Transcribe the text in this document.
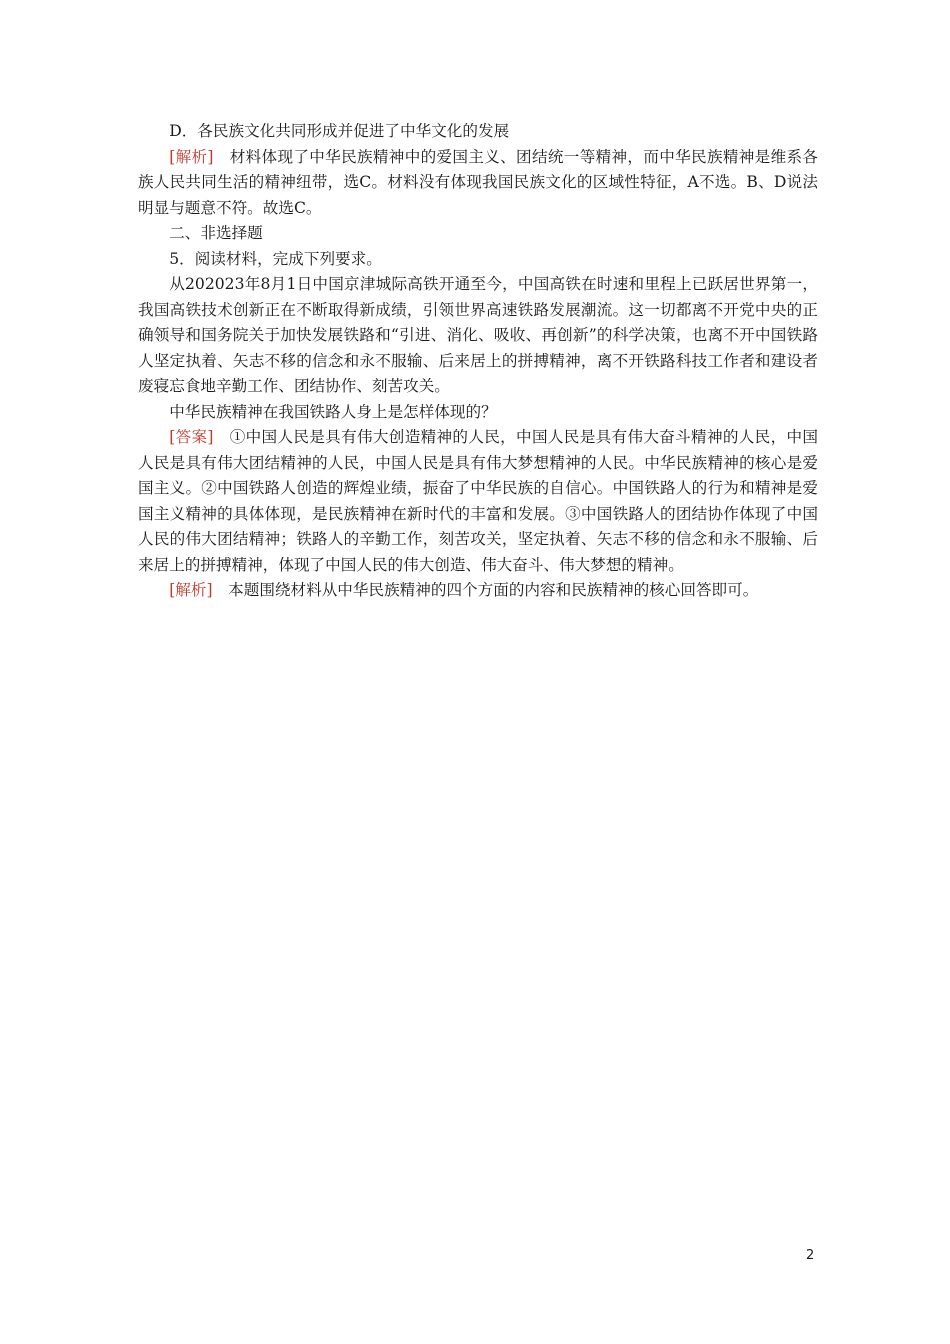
D．各民族文化共同形成并促进了中华文化的发展

[解析]　材料体现了中华民族精神中的爱国主义、团结统一等精神，而中华民族精神是维系各族人民共同生活的精神纽带，选C。材料没有体现我国民族文化的区域性特征，A不选。B、D说法明显与题意不符。故选C。

二、非选择题

5．阅读材料，完成下列要求。

从202023年8月1日中国京津城际高铁开通至今，中国高铁在时速和里程上已跃居世界第一，我国高铁技术创新正在不断取得新成绩，引领世界高速铁路发展潮流。这一切都离不开党中央的正确领导和国务院关于加快发展铁路和“引进、消化、吸收、再创新”的科学决策，也离不开中国铁路人坚定执着、矢志不移的信念和永不服输、后来居上的拼搏精神，离不开铁路科技工作者和建设者废寝忘食地辛勤工作、团结协作、刻苦攻关。

中华民族精神在我国铁路人身上是怎样体现的？

[答案]　①中国人民是具有伟大创造精神的人民，中国人民是具有伟大奋斗精神的人民，中国人民是具有伟大团结精神的人民，中国人民是具有伟大梦想精神的人民。中华民族精神的核心是爱国主义。②中国铁路人创造的辉煌业绩，振奋了中华民族的自信心。中国铁路人的行为和精神是爱国主义精神的具体体现，是民族精神在新时代的丰富和发展。③中国铁路人的团结协作体现了中国人民的伟大团结精神；铁路人的辛勤工作，刻苦攻关，坚定执着、矢志不移的信念和永不服输、后来居上的拼搏精神，体现了中国人民的伟大创造、伟大奋斗、伟大梦想的精神。

[解析]　本题围绕材料从中华民族精神的四个方面的内容和民族精神的核心回答即可。

2
